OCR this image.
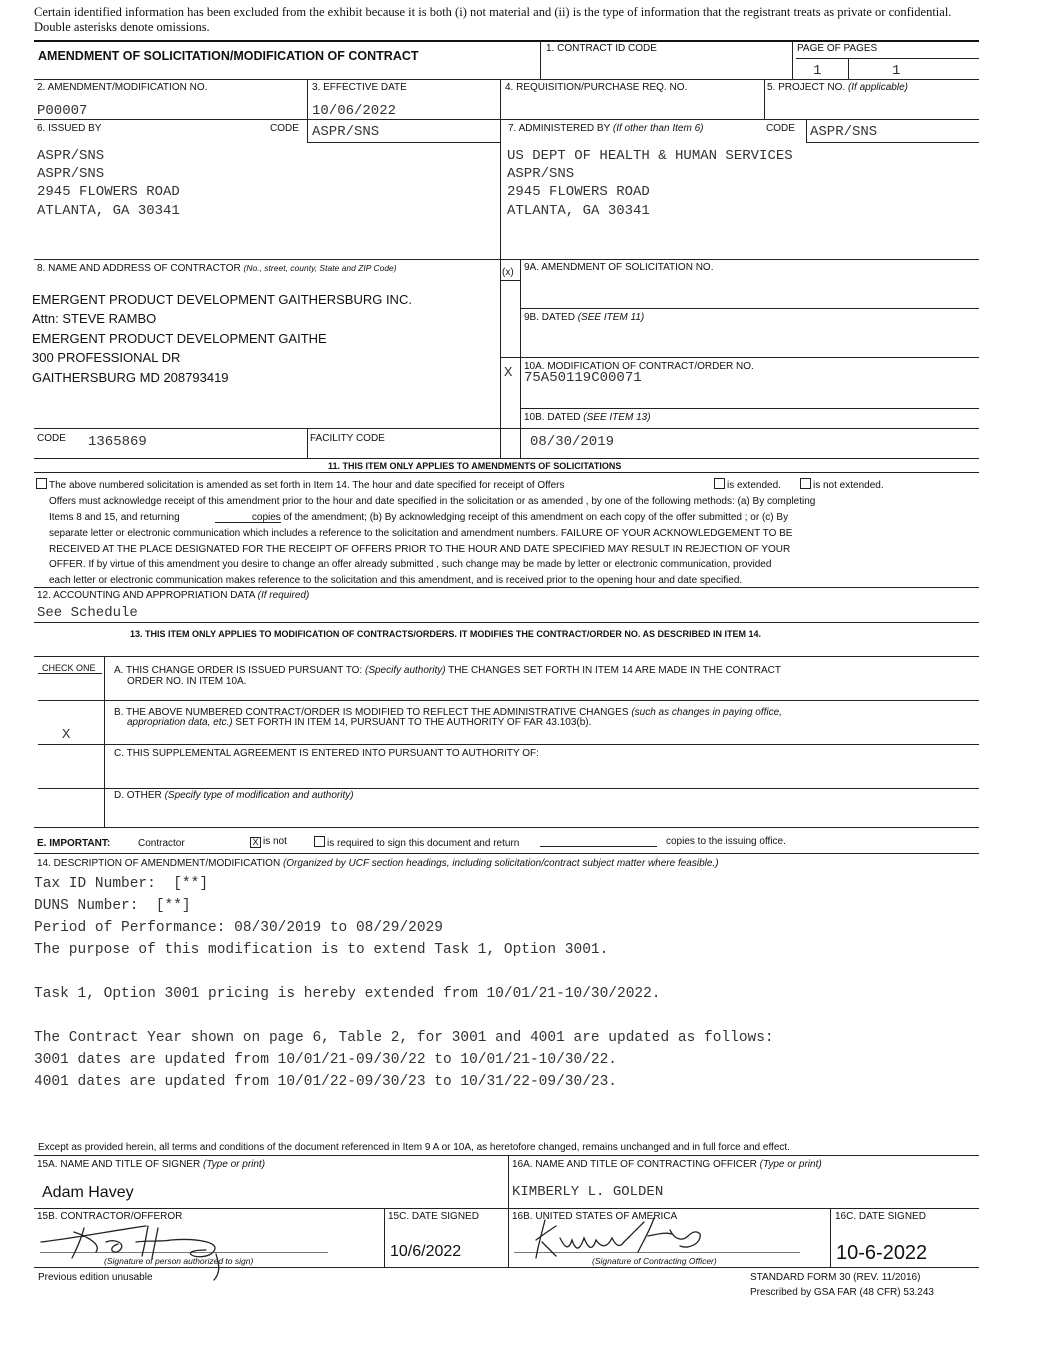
Certain identified information has been excluded from the exhibit because it is both (i) not material and (ii) is the type of information that the registrant treats as private or confidential.
Double asterisks denote omissions.
AMENDMENT OF SOLICITATION/MODIFICATION OF CONTRACT
1. CONTRACT ID CODE	PAGE OF PAGES
1	1
2. AMENDMENT/MODIFICATION NO.
P00007
3. EFFECTIVE DATE
10/06/2022
4. REQUISITION/PURCHASE REQ. NO.	5. PROJECT NO. (If applicable)
6. ISSUED BY	CODE ASPR/SNS
ASPR/SNS
ASPR/SNS
2945 FLOWERS ROAD
ATLANTA, GA 30341
7. ADMINISTERED BY (If other than Item 6)	CODE ASPR/SNS
US DEPT OF HEALTH & HUMAN SERVICES
ASPR/SNS
2945 FLOWERS ROAD
ATLANTA, GA 30341
8. NAME AND ADDRESS OF CONTRACTOR (No., street, county, State and ZIP Code)
EMERGENT PRODUCT DEVELOPMENT GAITHERSBURG INC.
Attn: STEVE RAMBO
EMERGENT PRODUCT DEVELOPMENT GAITHE
300 PROFESSIONAL DR
GAITHERSBURG MD 208793419
(x) 9A. AMENDMENT OF SOLICITATION NO.
9B. DATED (SEE ITEM 11)
X 10A. MODIFICATION OF CONTRACT/ORDER NO.
75A50119C00071
10B. DATED (SEE ITEM 13)
CODE 1365869	FACILITY CODE	08/30/2019
11. THIS ITEM ONLY APPLIES TO AMENDMENTS OF SOLICITATIONS
The above numbered solicitation is amended as set forth in Item 14. The hour and date specified for receipt of Offers	is extended.	is not extended.
Offers must acknowledge receipt of this amendment prior to the hour and date specified in the solicitation or as amended , by one of the following methods: (a) By completing
Items 8 and 15, and returning                          copies of the amendment; (b) By acknowledging receipt of this amendment on each copy of the offer submitted ; or (c) By
separate letter or electronic communication which includes a reference to the solicitation and amendment numbers. FAILURE OF YOUR ACKNOWLEDGEMENT TO BE
RECEIVED AT THE PLACE DESIGNATED FOR THE RECEIPT OF OFFERS PRIOR TO THE HOUR AND DATE SPECIFIED MAY RESULT IN REJECTION OF YOUR
OFFER. If by virtue of this amendment you desire to change an offer already submitted , such change may be made by letter or electronic communication, provided
each letter or electronic communication makes reference to the solicitation and this amendment, and is received prior to the opening hour and date specified.
12. ACCOUNTING AND APPROPRIATION DATA (If required)
See Schedule
13. THIS ITEM ONLY APPLIES TO MODIFICATION OF CONTRACTS/ORDERS. IT MODIFIES THE CONTRACT/ORDER NO. AS DESCRIBED IN ITEM 14.
CHECK ONE A. THIS CHANGE ORDER IS ISSUED PURSUANT TO: (Specify authority) THE CHANGES SET FORTH IN ITEM 14 ARE MADE IN THE CONTRACT
ORDER NO. IN ITEM 10A.
B. THE ABOVE NUMBERED CONTRACT/ORDER IS MODIFIED TO REFLECT THE ADMINISTRATIVE CHANGES (such as changes in paying office,
appropriation data, etc.) SET FORTH IN ITEM 14, PURSUANT TO THE AUTHORITY OF FAR 43.103(b).
X
C. THIS SUPPLEMENTAL AGREEMENT IS ENTERED INTO PURSUANT TO AUTHORITY OF:
D. OTHER (Specify type of modification and authority)
E. IMPORTANT:	Contractor	X is not	is required to sign this document and return	copies to the issuing office.
14. DESCRIPTION OF AMENDMENT/MODIFICATION (Organized by UCF section headings, including solicitation/contract subject matter where feasible.)
Tax ID Number:  [**]
DUNS Number:  [**]
Period of Performance: 08/30/2019 to 08/29/2029
The purpose of this modification is to extend Task 1, Option 3001.
Task 1, Option 3001 pricing is hereby extended from 10/01/21-10/30/2022.
The Contract Year shown on page 6, Table 2, for 3001 and 4001 are updated as follows:
3001 dates are updated from 10/01/21-09/30/22 to 10/01/21-10/30/22.
4001 dates are updated from 10/01/22-09/30/23 to 10/31/22-09/30/23.
Except as provided herein, all terms and conditions of the document referenced in Item 9 A or 10A, as heretofore changed, remains unchanged and in full force and effect.
15A. NAME AND TITLE OF SIGNER (Type or print)
Adam Havey
16A. NAME AND TITLE OF CONTRACTING OFFICER (Type or print)
KIMBERLY L. GOLDEN
15B. CONTRACTOR/OFFEROR	15C. DATE SIGNED
10/6/2022
16B. UNITED STATES OF AMERICA	16C. DATE SIGNED
10-6-2022
(Signature of person authorized to sign)	(Signature of Contracting Officer)
Previous edition unusable	STANDARD FORM 30 (REV. 11/2016)
Prescribed by GSA FAR (48 CFR) 53.243
